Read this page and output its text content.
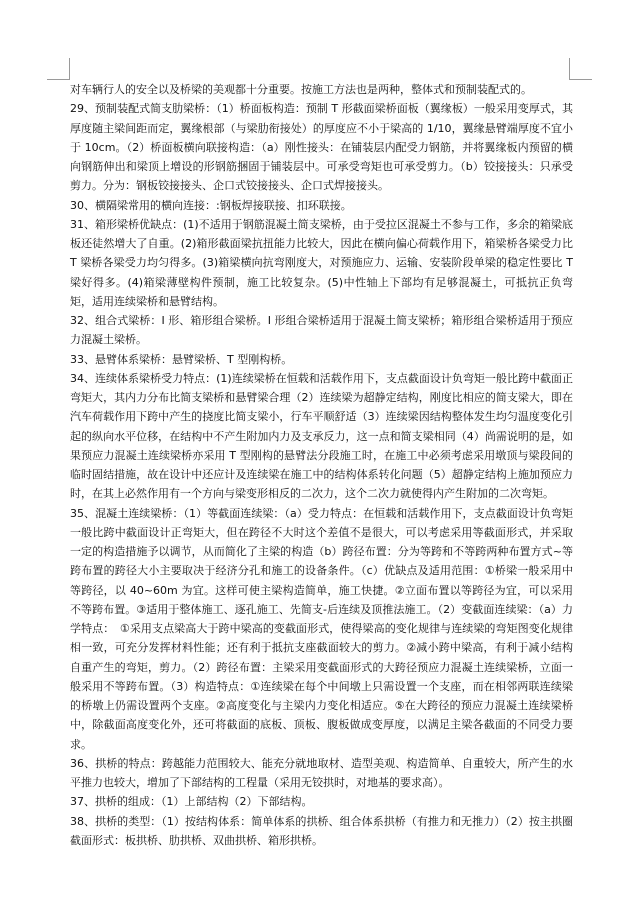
对车辆行人的安全以及桥梁的美观都十分重要。按施工方法也是两种，整体式和预制装配式的。

29、预制装配式简支肋梁桥：（1）桥面板构造：预制 T 形截面梁桥面板（翼缘板）一般采用变厚式，其厚度随主梁间距而定，翼缘根部（与梁肋衔接处）的厚度应不小于梁高的 1/10，翼缘悬臂端厚度不宜小于 10cm。（2）桥面板横向联接构造：（a）刚性接头：在铺装层内配受力钢筋，并将翼缘板内预留的横向钢筋伸出和梁顶上增设的形钢筋捆固于铺装层中。可承受弯矩也可承受剪力。（b）铰接接头：只承受剪力。分为：钢板铰接接头、企口式铰接接头、企口式焊接接头。

30、横隔梁常用的横向连接：:钢板焊接联接、扣环联接。

31、箱形梁桥优缺点：(1)不适用于钢筋混凝土简支梁桥，由于受拉区混凝土不参与工作，多余的箱梁底板还徒然增大了自重。(2)箱形截面梁抗扭能力比较大，因此在横向偏心荷载作用下，箱梁桥各梁受力比 T 梁桥各梁受力均匀得多。(3)箱梁横向抗弯刚度大，对预施应力、运输、安装阶段单梁的稳定性要比 T 梁好得多。(4)箱梁薄壁构件预制，施工比较复杂。(5)中性轴上下部均有足够混凝土，可抵抗正负弯矩，适用连续梁桥和悬臂结构。

32、组合式梁桥：I 形、箱形组合梁桥。I 形组合梁桥适用于混凝土简支梁桥；箱形组合梁桥适用于预应力混凝土梁桥。

33、悬臂体系梁桥：悬臂梁桥、T 型刚构桥。

34、连续体系梁桥受力特点：(1)连续梁桥在恒载和活载作用下，支点截面设计负弯矩一般比跨中截面正弯矩大，其内力分布比简支梁桥和悬臂梁合理（2）连续梁为超静定结构，刚度比相应的简支梁大，即在汽车荷载作用下跨中产生的挠度比简支梁小，行车平顺舒适（3）连续梁因结构整体发生均匀温度变化引起的纵向水平位移，在结构中不产生附加内力及支承反力，这一点和简支梁相同（4）尚需说明的是，如果预应力混凝土连续梁桥亦采用 T 型刚构的悬臂法分段施工时，在施工中必须考虑采用墩顶与梁段间的临时固结措施，故在设计中还应计及连续梁在施工中的结构体系转化问题（5）超静定结构上施加预应力时，在其上必然作用有一个方向与梁变形相反的二次力，这个二次力就使得内产生附加的二次弯矩。

35、混凝土连续梁桥：（1）等截面连续梁：（a）受力特点：在恒载和活载作用下，支点截面设计负弯矩一般比跨中截面设计正弯矩大，但在跨径不大时这个差值不是很大，可以考虑采用等截面形式，并采取一定的构造措施予以调节，从而简化了主梁的构造（b）跨径布置：分为等跨和不等跨两种布置方式~等跨布置的跨径大小主要取决于经济分孔和施工的设备条件。（c）优缺点及适用范围：①桥梁一般采用中等跨径，以 40~60m 为宜。这样可使主梁构造简单，施工快捷。②立面布置以等跨径为宜，可以采用不等跨布置。③适用于整体施工、逐孔施工、先简支-后连续及顶推法施工。（2）变截面连续梁：（a）力学特点：　①采用支点梁高大于跨中梁高的变截面形式，使得梁高的变化规律与连续梁的弯矩图变化规律相一致，可充分发挥材料性能；还有利于抵抗支座截面较大的剪力。②减小跨中梁高，有利于减小结构自重产生的弯矩，剪力。（2）跨径布置：主梁采用变截面形式的大跨径预应力混凝土连续梁桥，立面一般采用不等跨布置。（3）构造特点：①连续梁在每个中间墩上只需设置一个支座，而在相邻两联连续梁的桥墩上仍需设置两个支座。②高度变化与主梁内力变化相适应。⑤在大跨径的预应力混凝土连续梁桥中，除截面高度变化外，还可将截面的底板、顶板、腹板做成变厚度，以满足主梁各截面的不同受力要求。

36、拱桥的特点：跨越能力范围较大、能充分就地取材、造型美观、构造简单、自重较大，所产生的水平推力也较大，增加了下部结构的工程量（采用无铰拱时，对地基的要求高）。

37、拱桥的组成：（1）上部结构（2）下部结构。

38、拱桥的类型：（1）按结构体系：简单体系的拱桥、组合体系拱桥（有推力和无推力）（2）按主拱圈截面形式：板拱桥、肋拱桥、双曲拱桥、箱形拱桥。
